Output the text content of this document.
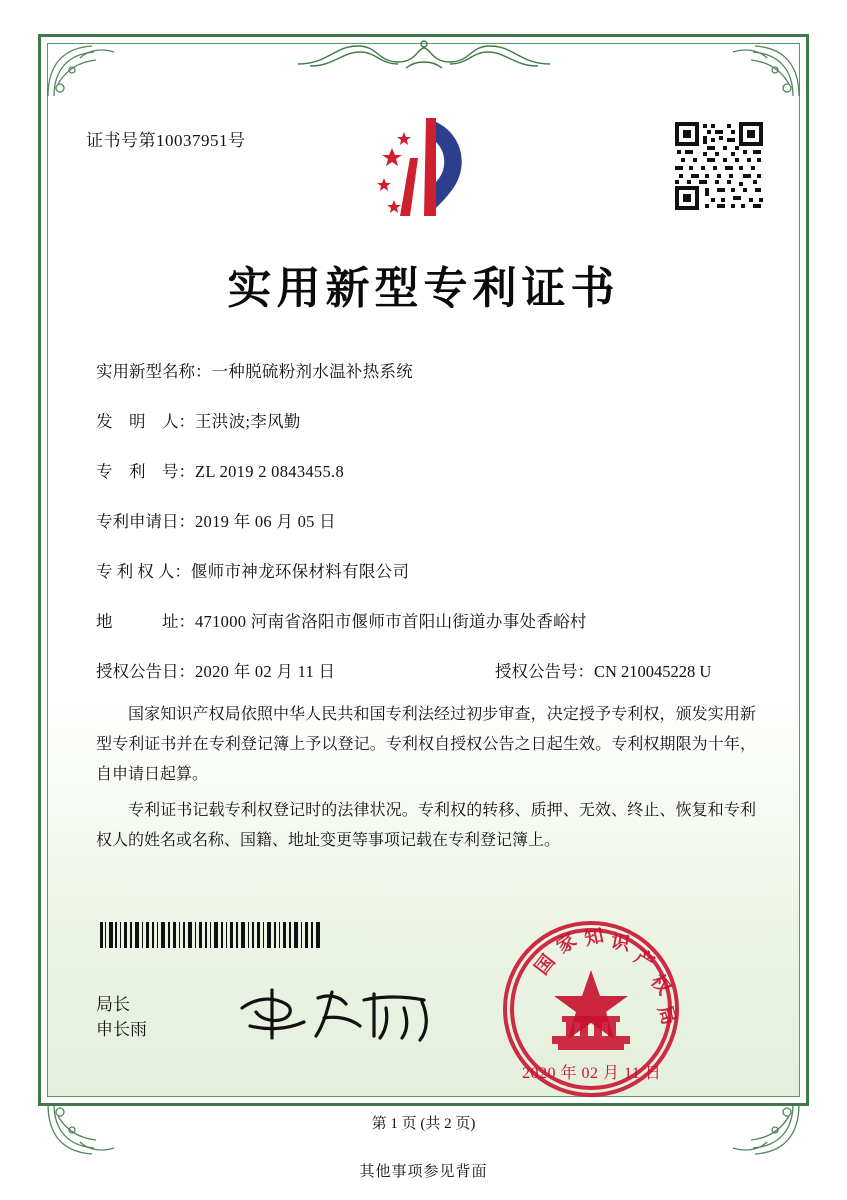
证书号第10037951号
实用新型专利证书
实用新型名称： 一种脱硫粉剂水温补热系统
发　明　人： 王洪波;李风勤
专　利　号： ZL 2019 2 0843455.8
专利申请日： 2019 年 06 月 05 日
专 利 权 人： 偃师市神龙环保材料有限公司
地　　　址： 471000 河南省洛阳市偃师市首阳山街道办事处香峪村
授权公告日： 2020 年 02 月 11 日	授权公告号： CN 210045228 U

国家知识产权局依照中华人民共和国专利法经过初步审查，决定授予专利权，颁发实用新型专利证书并在专利登记簿上予以登记。专利权自授权公告之日起生效。专利权期限为十年，自申请日起算。

专利证书记载专利权登记时的法律状况。专利权的转移、质押、无效、终止、恢复和专利权人的姓名或名称、国籍、地址变更等事项记载在专利登记簿上。

局长
申长雨
国
家 知 识
产
权
局
2020 年 02 月 11 日
第 1 页 (共 2 页)
其他事项参见背面
